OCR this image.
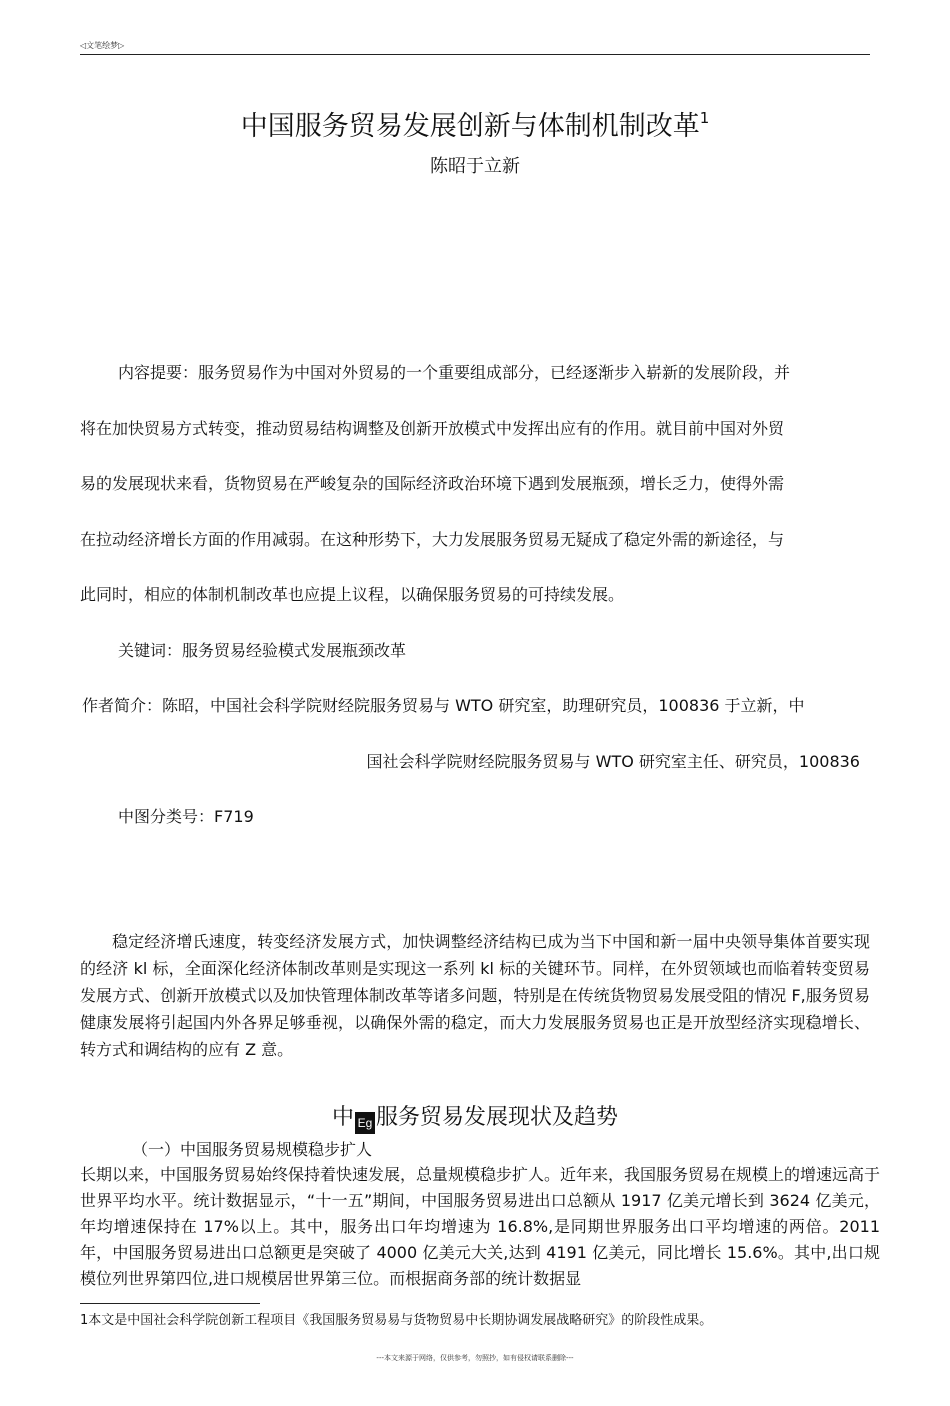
◁文笔绘梦▷
中国服务贸易发展创新与体制机制改革$^1$
陈昭于立新
内容提要：服务贸易作为中国对外贸易的一个重要组成部分，已经逐渐步入崭新的发展阶段，并
将在加快贸易方式转变，推动贸易结构调整及创新开放模式中发挥出应有的作用。就目前中国对外贸
易的发展现状来看，货物贸易在严峻复杂的国际经济政治环境下遇到发展瓶颈，增长乏力，使得外需
在拉动经济增长方面的作用减弱。在这种形势下，大力发展服务贸易无疑成了稳定外需的新途径，与
此同时，相应的体制机制改革也应提上议程，以确保服务贸易的可持续发展。
关键词：服务贸易经验模式发展瓶颈改革
作者简介：陈昭，中国社会科学院财经院服务贸易与 WTO 研究室，助理研究员，100836 于立新，中
国社会科学院财经院服务贸易与 WTO 研究室主任、研究员，100836
中图分类号：F719

稳定经济增氏速度，转变经济发展方式，加快调整经济结构已成为当下中国和新一届中央领导集体首要实现的经济 kl 标，全面深化经济体制改革则是实现这一系列 kl 标的关键环节。同样，在外贸领域也而临着转变贸易发展方式、创新开放模式以及加快管理体制改革等诸多问题，特别是在传统货物贸易发展受阻的情况 F,服务贸易健康发展将引起国内外各界足够垂视，以确保外需的稳定，而大力发展服务贸易也正是开放型经济实现稳增长、转方式和调结构的应有 Z 意。

中 Eg 服务贸易发展现状及趋势
（一）中国服务贸易规模稳步扩人
长期以来，中国服务贸易始终保持着快速发展，总量规模稳步扩人。近年来，我国服务贸易在规模上的增速远高于世界平均水平。统计数据显示，“十一五”期间，中国服务贸易进出口总额从 1917 亿美元增长到 3624 亿美元，年均增速保持在 17%以上。其中，服务出口年均增速为 16.8%,是同期世界服务出口平均增速的两倍。2011 年，中国服务贸易进出口总额更是突破了 4000 亿美元大关,达到 4191 亿美元，同比增长 15.6%。其中,出口规模位列世界第四位,进口规模居世界第三位。而根据商务部的统计数据显
1本文是中国社会科学院创新工程项目《我国服务贸易易与货物贸易中长期协调发展战略研究》的阶段性成果。
---本文来源于网络，仅供参考，勿照抄，如有侵权请联系删除---
